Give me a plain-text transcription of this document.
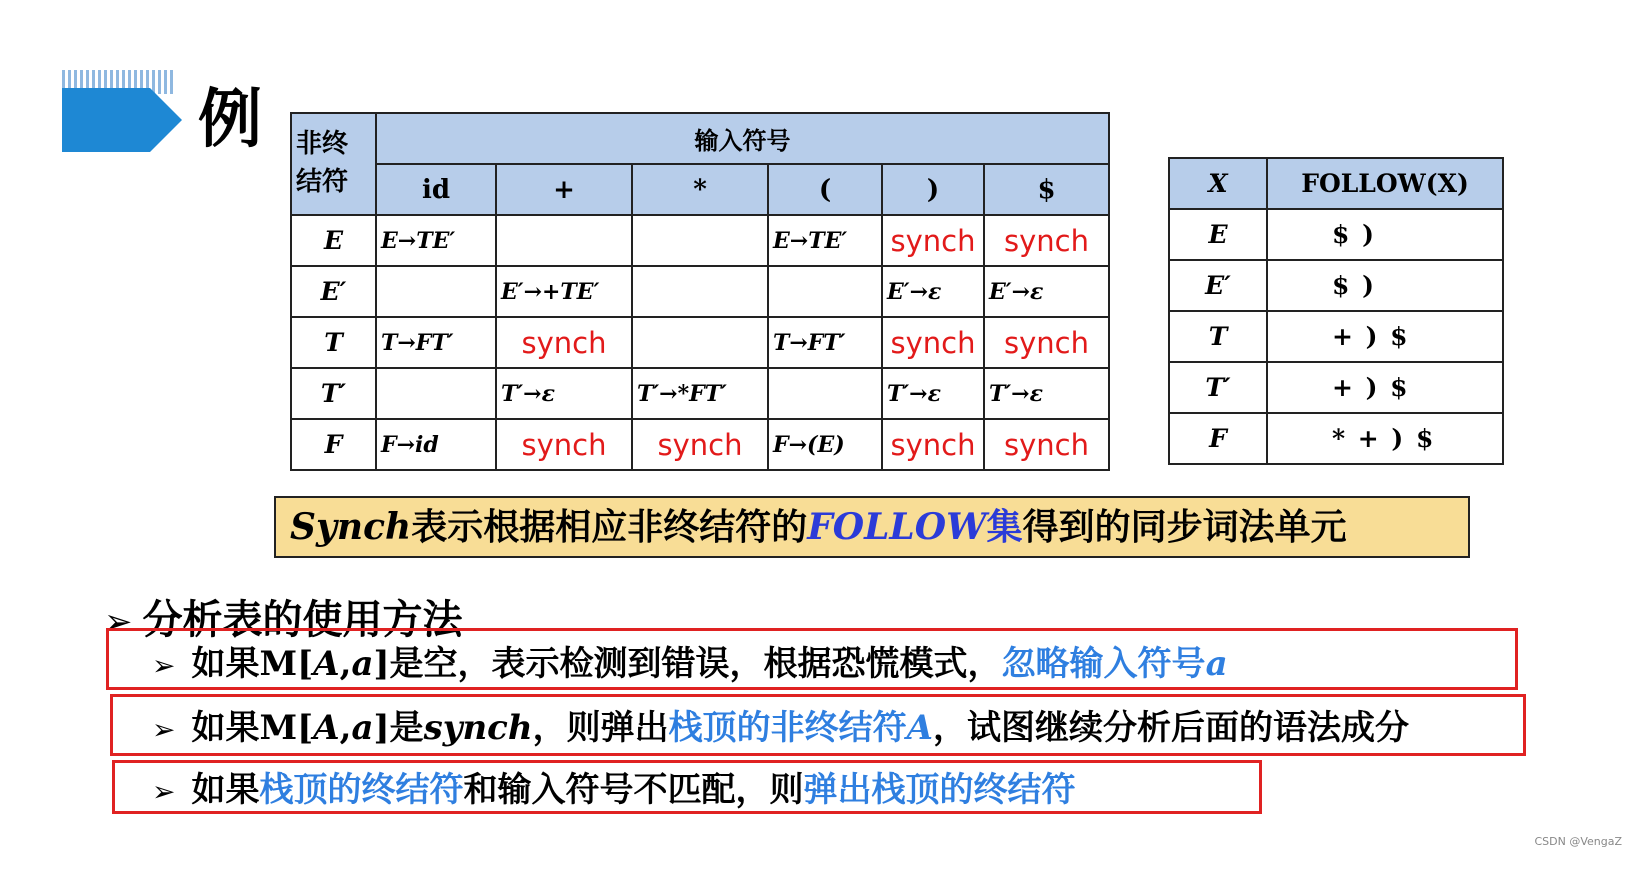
例 非终
结符	输入符号					
	id	+	*	(	)	$
E	E→TE′			E→TE′	synch	synch
E′		E′→+TE′			E′→ε	E′→ε
T	T→FT′	synch		T→FT′	synch	synch
T′		T′→ε	T′→*FT′		T′→ε	T′→ε
F	F→id	synch	synch	F→(E)	synch	synch
X	FOLLOW(X)
E	$ )
E′	$ )
T	+ ) $
T′	+ ) $
F	* + ) $
Synch表示根据相应非终结符的FOLLOW集得到的同步词法单元
➢ 分析表的使用方法
➢ 如果M[A,a]是空，表示检测到错误，根据恐慌模式，忽略输入符号a
➢ 如果M[A,a]是synch，则弹出栈顶的非终结符A，试图继续分析后面的语法成分
➢ 如果栈顶的终结符和输入符号不匹配，则弹出栈顶的终结符
CSDN @VengaZ
